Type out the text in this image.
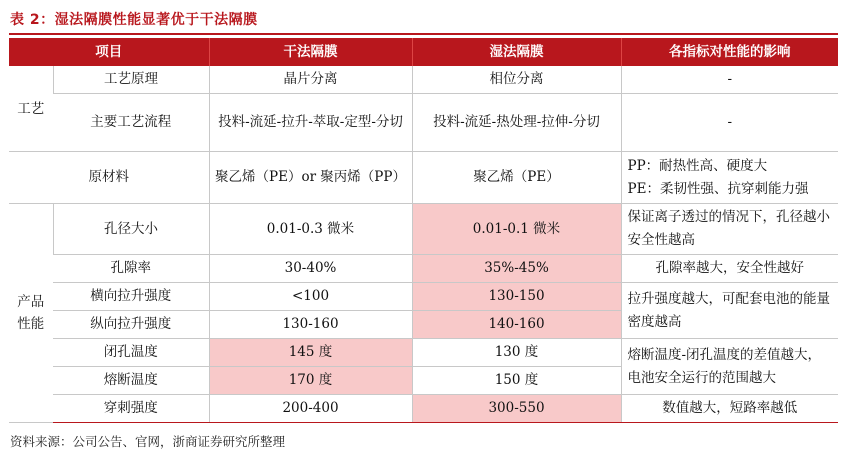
表 2：湿法隔膜性能显著优于干法隔膜
项目		干法隔膜	湿法隔膜	各指标对性能的影响
工艺	工艺原理	晶片分离	相位分离	-
	主要工艺流程	投料-流延-拉升-萃取-定型-分切	投料-流延-热处理-拉伸-分切	-
原材料		聚乙烯（PE）or 聚丙烯（PP）	聚乙烯（PE）	PP：耐热性高、硬度大
PE：柔韧性强、抗穿刺能力强

产品
性能	孔径大小	0.01-0.3 微米	0.01-0.1 微米	保证离子透过的情况下，孔径越小安全性越高
	孔隙率	30-40%	35%-45%	孔隙率越大，安全性越好
	横向拉升强度	<100	130-150	拉升强度越大，可配套电池的能量密度越高
	纵向拉升强度	130-160	140-160	
	闭孔温度	145 度	130 度	熔断温度-闭孔温度的差值越大，电池安全运行的范围越大
	熔断温度	170 度	150 度	
	穿刺强度	200-400	300-550	数值越大，短路率越低
资料来源：公司公告、官网，浙商证券研究所整理
